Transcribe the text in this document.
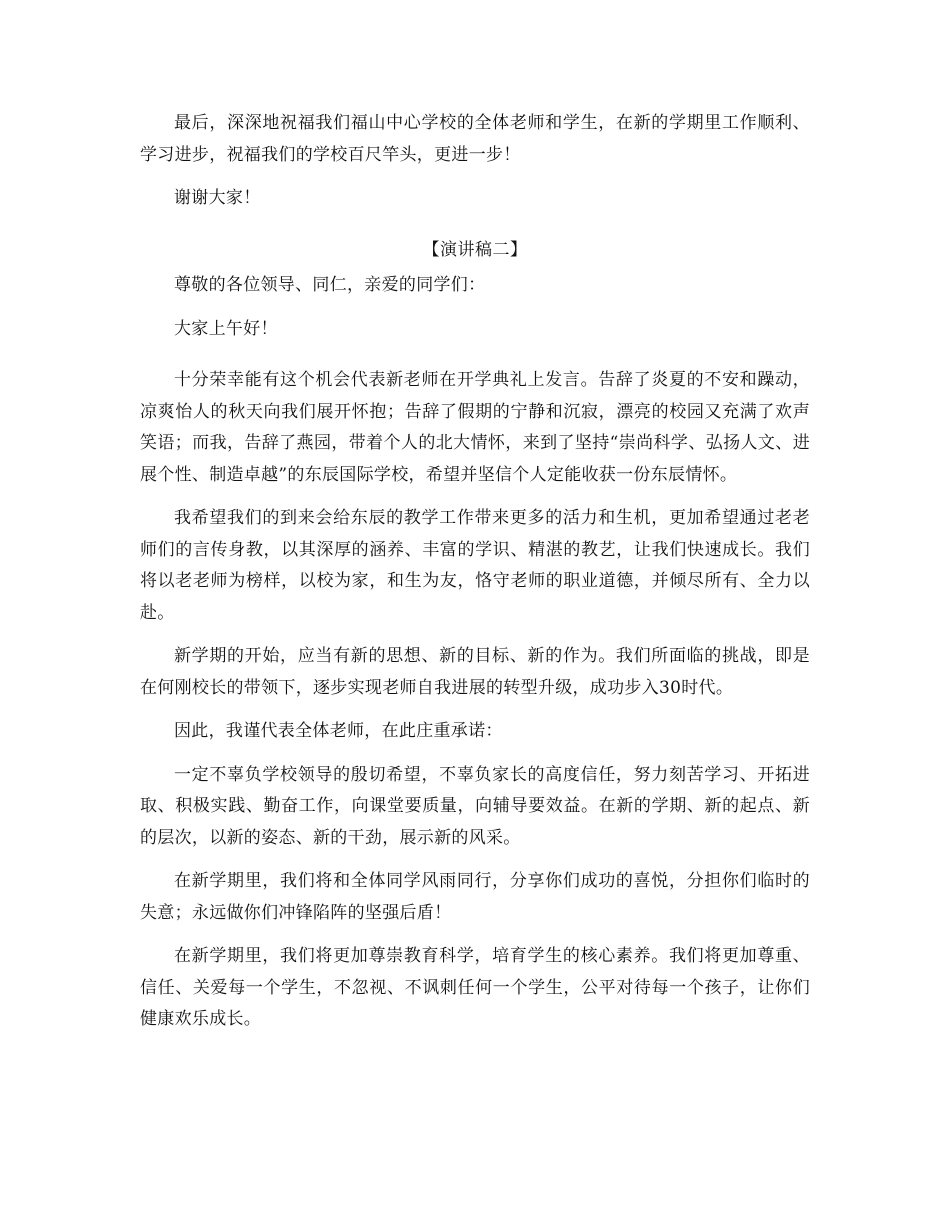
最后，深深地祝福我们福山中心学校的全体老师和学生，在新的学期里工作顺利、学习进步，祝福我们的学校百尺竿头，更进一步！

谢谢大家！

【演讲稿二】

尊敬的各位领导、同仁，亲爱的同学们：

大家上午好！

十分荣幸能有这个机会代表新老师在开学典礼上发言。告辞了炎夏的不安和躁动，凉爽怡人的秋天向我们展开怀抱；告辞了假期的宁静和沉寂，漂亮的校园又充满了欢声笑语；而我，告辞了燕园，带着个人的北大情怀，来到了坚持“崇尚科学、弘扬人文、进展个性、制造卓越”的东辰国际学校，希望并坚信个人定能收获一份东辰情怀。

我希望我们的到来会给东辰的教学工作带来更多的活力和生机，更加希望通过老老师们的言传身教，以其深厚的涵养、丰富的学识、精湛的教艺，让我们快速成长。我们将以老老师为榜样，以校为家，和生为友，恪守老师的职业道德，并倾尽所有、全力以赴。

新学期的开始，应当有新的思想、新的目标、新的作为。我们所面临的挑战，即是在何刚校长的带领下，逐步实现老师自我进展的转型升级，成功步入30时代。

因此，我谨代表全体老师，在此庄重承诺：

一定不辜负学校领导的殷切希望，不辜负家长的高度信任，努力刻苦学习、开拓进取、积极实践、勤奋工作，向课堂要质量，向辅导要效益。在新的学期、新的起点、新的层次，以新的姿态、新的干劲，展示新的风采。

在新学期里，我们将和全体同学风雨同行，分享你们成功的喜悦，分担你们临时的失意；永远做你们冲锋陷阵的坚强后盾！

在新学期里，我们将更加尊崇教育科学，培育学生的核心素养。我们将更加尊重、信任、关爱每一个学生，不忽视、不讽刺任何一个学生，公平对待每一个孩子，让你们健康欢乐成长。
